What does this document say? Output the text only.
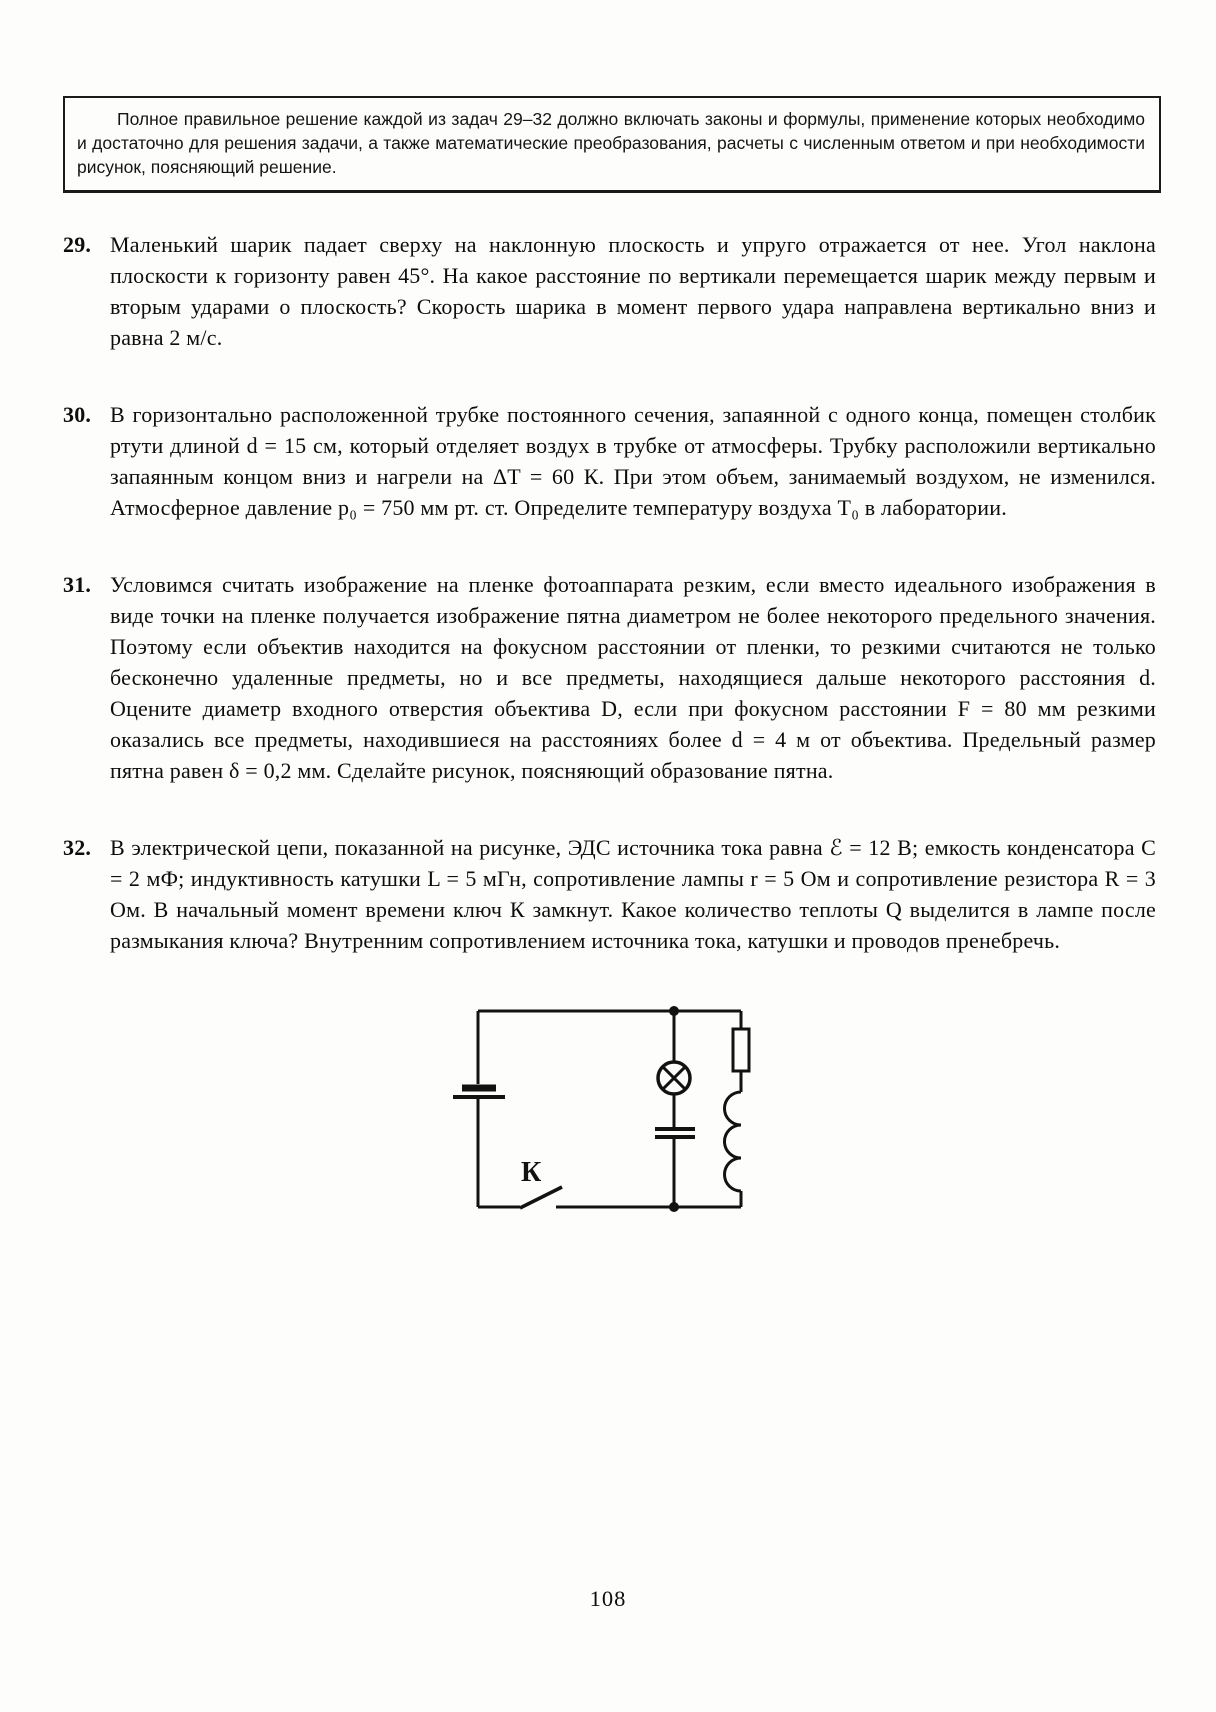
Полное правильное решение каждой из задач 29–32 должно включать законы и формулы, применение которых необходимо и достаточно для решения задачи, а также математические преобразования, расчеты с численным ответом и при необходимости рисунок, поясняющий решение.

29. Маленький шарик падает сверху на наклонную плоскость и упруго отражается от нее. Угол наклона плоскости к горизонту равен 45°. На какое расстояние по вертикали перемещается шарик между первым и вторым ударами о плоскость? Скорость шарика в момент первого удара направлена вертикально вниз и равна 2 м/с.
30. В горизонтально расположенной трубке постоянного сечения, запаянной с одного конца, помещен столбик ртути длиной d = 15 см, который отделяет воздух в трубке от атмосферы. Трубку расположили вертикально запаянным концом вниз и нагрели на ΔT = 60 К. При этом объем, занимаемый воздухом, не изменился. Атмосферное давление p₀ = 750 мм рт. ст. Определите температуру воздуха T₀ в лаборатории.
31. Условимся считать изображение на пленке фотоаппарата резким, если вместо идеального изображения в виде точки на пленке получается изображение пятна диаметром не более некоторого предельного значения. Поэтому если объектив находится на фокусном расстоянии от пленки, то резкими считаются не только бесконечно удаленные предметы, но и все предметы, находящиеся дальше некоторого расстояния d. Оцените диаметр входного отверстия объектива D, если при фокусном расстоянии F = 80 мм резкими оказались все предметы, находившиеся на расстояниях более d = 4 м от объектива. Предельный размер пятна равен δ = 0,2 мм. Сделайте рисунок, поясняющий образование пятна.
32. В электрической цепи, показанной на рисунке, ЭДС источника тока равна ℰ = 12 В; емкость конденсатора C = 2 мФ; индуктивность катушки L = 5 мГн, сопротивление лампы r = 5 Ом и сопротивление резистора R = 3 Ом. В начальный момент времени ключ К замкнут. Какое количество теплоты Q выделится в лампе после размыкания ключа? Внутренним сопротивлением источника тока, катушки и проводов пренебречь.
К
108
